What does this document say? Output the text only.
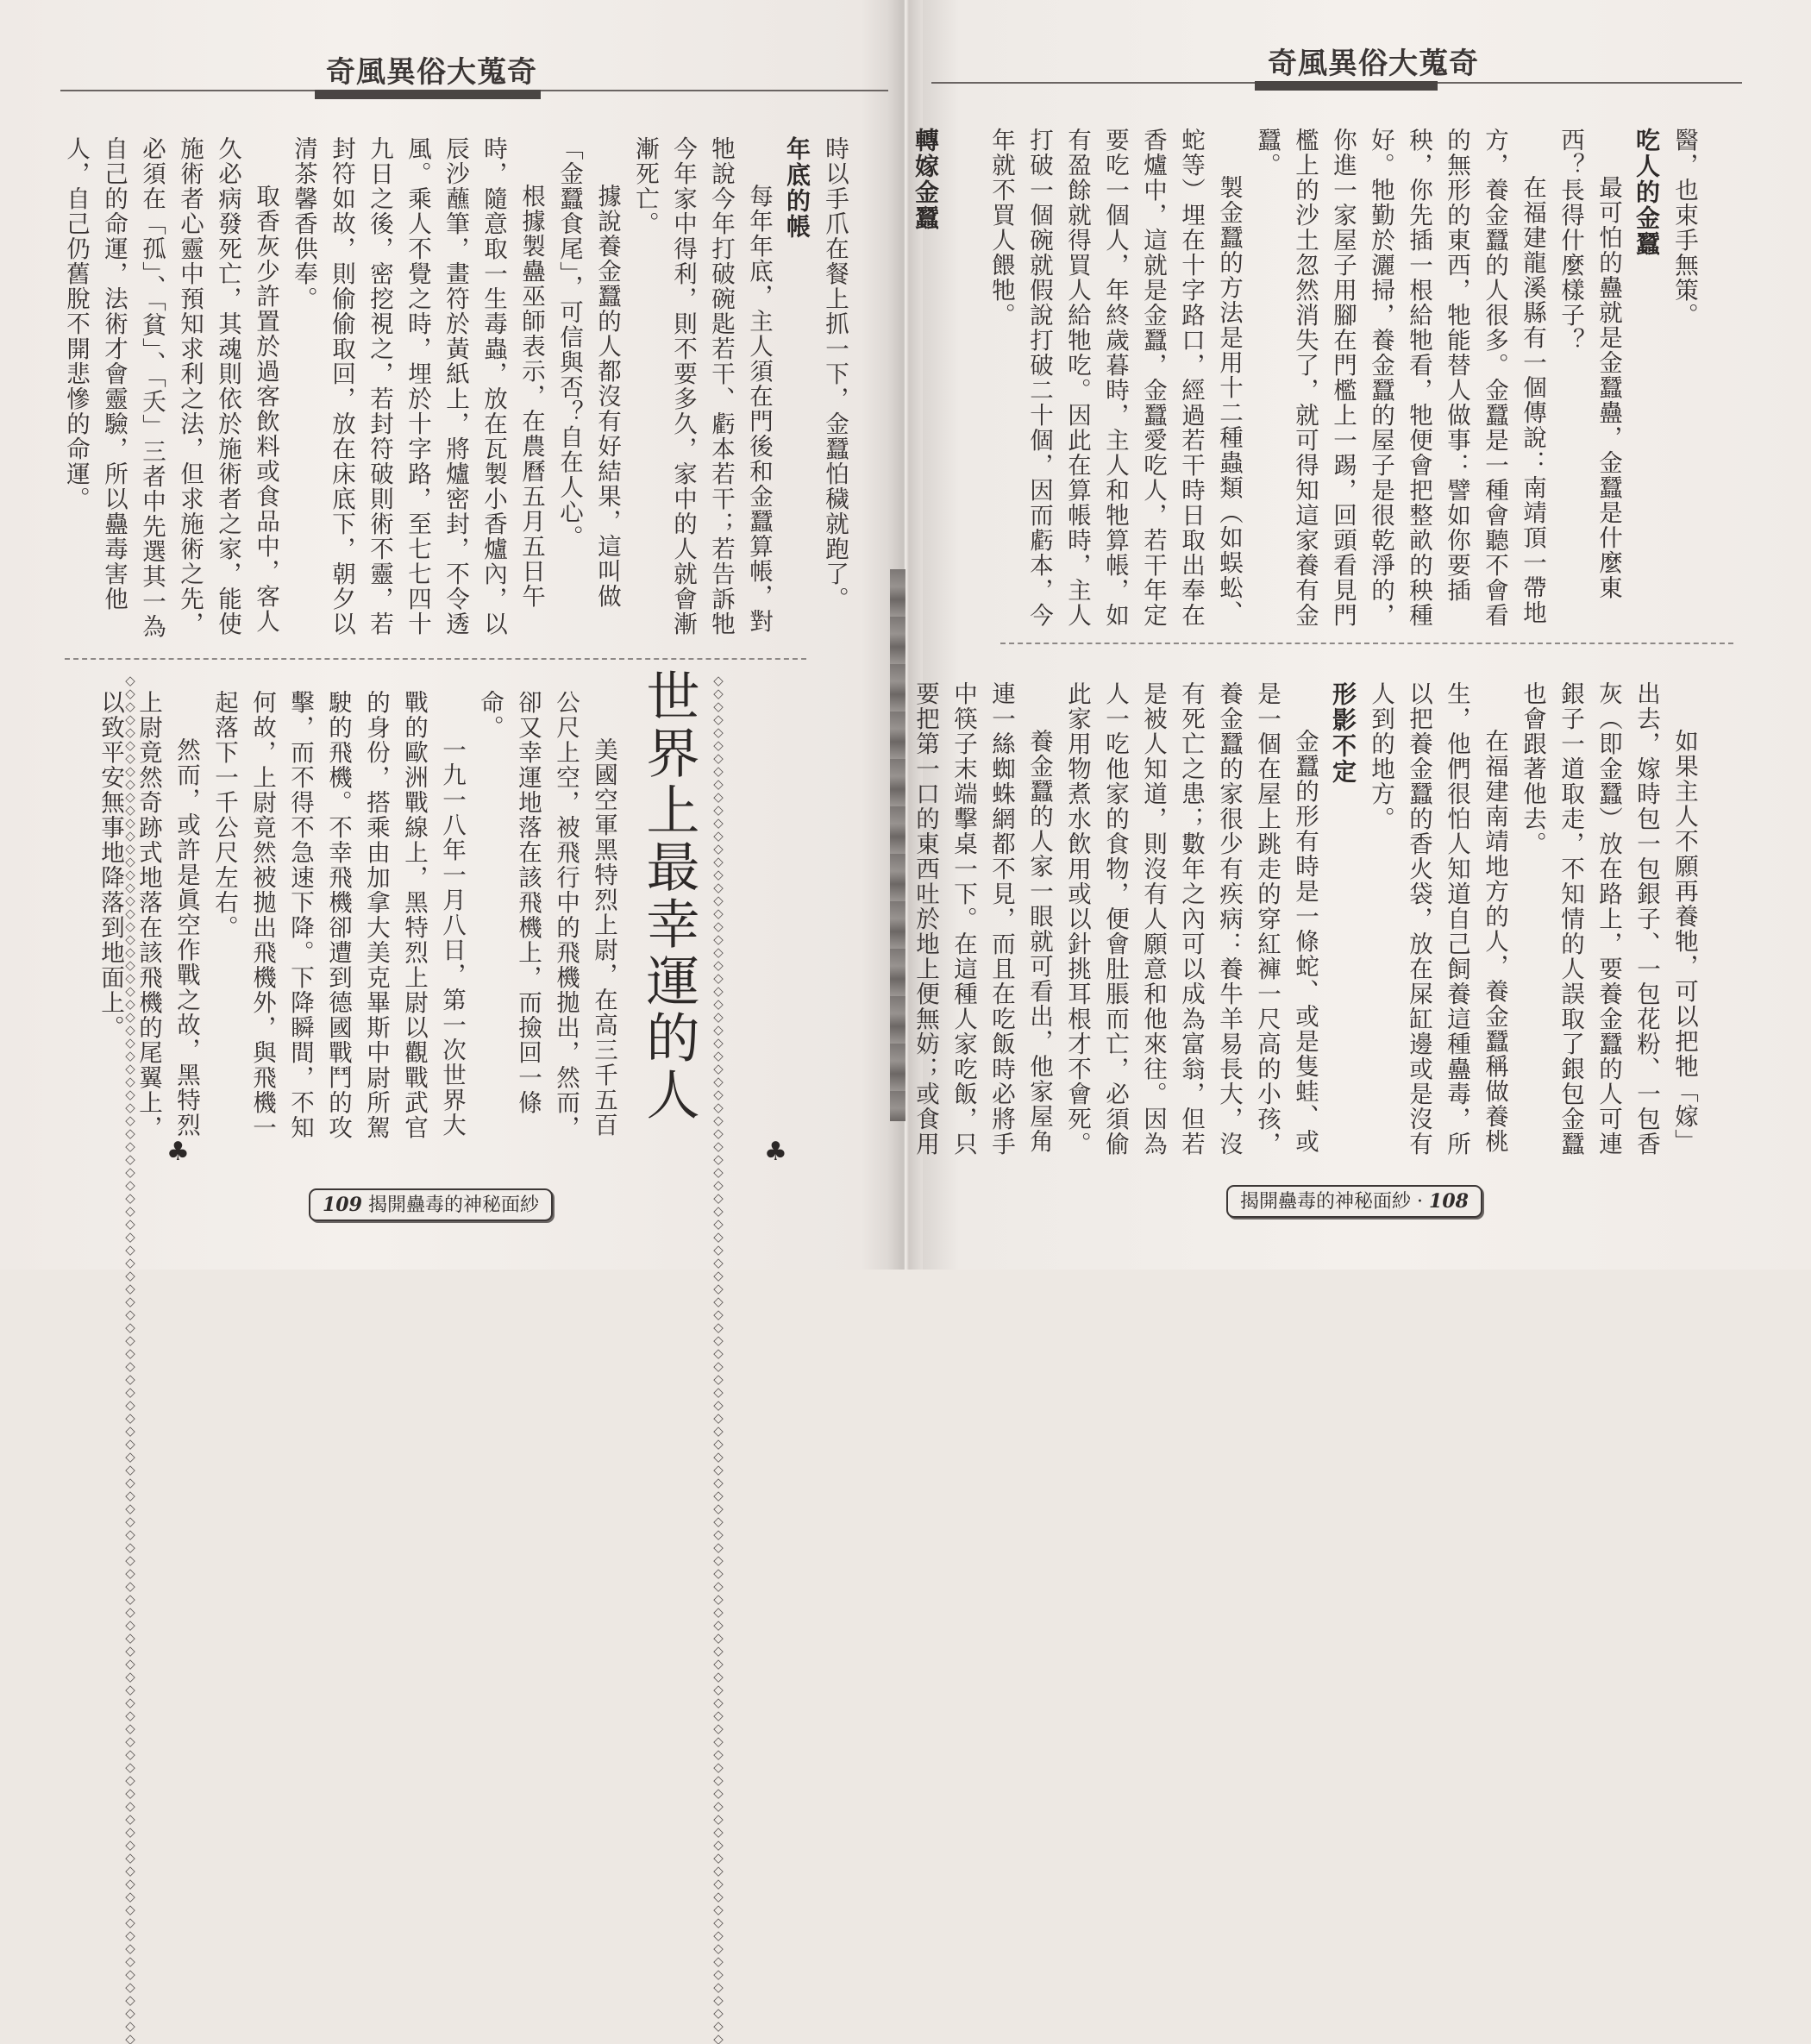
奇風異俗大蒐奇	奇風異俗大蒐奇

醫，也束手無策。

吃人的金蠶

最可怕的蠱就是金蠶蠱，金蠶是什麼東西？長得什麼樣子？

在福建龍溪縣有一個傳說：南靖頂一帶地方，養金蠶的人很多。金蠶是一種會聽不會看的無形的東西，牠能替人做事：譬如你要插秧，你先插一根給牠看，牠便會把整畝的秧種好。牠勤於灑掃，養金蠶的屋子是很乾淨的，你進一家屋子用腳在門檻上一踢，回頭看見門檻上的沙土忽然消失了，就可得知這家養有金蠶。

製金蠶的方法是用十二種蟲類（如蜈蚣、蛇等）埋在十字路口，經過若干時日取出奉在香爐中，這就是金蠶，金蠶愛吃人，若干年定要吃一個人，年終歲暮時，主人和牠算帳，如有盈餘就得買人給牠吃。因此在算帳時，主人打破一個碗就假說打破二十個，因而虧本，今年就不買人餵牠。

轉嫁金蠶

如果主人不願再養牠，可以把牠「嫁」出去，嫁時包一包銀子、一包花粉、一包香灰（即金蠶）放在路上，要養金蠶的人可連銀子一道取走，不知情的人誤取了銀包金蠶也會跟著他去。

在福建南靖地方的人，養金蠶稱做養桃生，他們很怕人知道自己飼養這種蠱毒，所以把養金蠶的香火袋，放在屎缸邊或是沒有人到的地方。

形影不定

金蠶的形有時是一條蛇、或是隻蛙、或是一個在屋上跳走的穿紅褲一尺高的小孩，養金蠶的家很少有疾病：養牛羊易長大，沒有死亡之患；數年之內可以成為富翁，但若是被人知道，則沒有人願意和他來往。因為人一吃他家的食物，便會肚脹而亡，必須偷此家用物煮水飲用或以針挑耳根才不會死。

養金蠶的人家一眼就可看出，他家屋角連一絲蜘蛛網都不見，而且在吃飯時必將手中筷子末端擊桌一下。在這種人家吃飯，只要把第一口的東西吐於地上便無妨；或食用

時以手爪在餐上抓一下，金蠶怕穢就跑了。

年底的帳

每年年底，主人須在門後和金蠶算帳，對牠說今年打破碗匙若干、虧本若干；若告訴牠今年家中得利，則不要多久，家中的人就會漸漸死亡。

據說養金蠶的人都沒有好結果，這叫做「金蠶食尾」，可信與否？自在人心。

根據製蠱巫師表示，在農曆五月五日午時，隨意取一生毒蟲，放在瓦製小香爐內，以辰沙蘸筆，畫符於黃紙上，將爐密封，不令透風。乘人不覺之時，埋於十字路，至七七四十九日之後，密挖視之，若封符破則術不靈，若封符如故，則偷偷取回，放在床底下，朝夕以清茶馨香供奉。

取香灰少許置於過客飲料或食品中，客人久必病發死亡，其魂則依於施術者之家，能使施術者心靈中預知求利之法，但求施術之先，必須在「孤」、「貧」、「夭」三者中先選其一為自己的命運，法術才會靈驗，所以蠱毒害他人，自己仍舊脫不開悲慘的命運。

◇◇◇◇◇◇◇◇◇◇◇◇◇◇◇◇◇◇◇◇◇◇◇◇◇◇◇◇◇◇◇◇◇◇◇◇◇◇◇◇◇◇◇◇◇◇◇◇◇◇◇◇◇◇◇◇◇◇◇◇◇◇◇◇◇◇◇◇◇◇◇◇◇◇◇◇◇◇◇◇◇◇◇◇◇◇◇◇◇◇◇◇◇◇◇◇◇◇◇◇◇◇◇◇◇◇
◇◇◇◇◇◇◇◇◇◇◇◇◇◇◇◇◇◇◇◇◇◇◇◇◇◇◇◇◇◇◇◇◇◇◇◇◇◇◇◇◇◇◇◇◇◇◇◇◇◇◇◇◇◇◇◇◇◇◇◇◇◇◇◇◇◇◇◇◇◇◇◇◇◇◇◇◇◇◇◇◇◇◇◇◇◇◇◇◇◇◇◇◇◇◇◇◇◇◇◇◇◇◇◇◇◇	♣
♣
世界上最幸運的人

美國空軍黑特烈上尉，在高三千五百公尺上空，被飛行中的飛機拋出，然而，卻又幸運地落在該飛機上，而撿回一條命。

一九一八年一月八日，第一次世界大戰的歐洲戰線上，黑特烈上尉以觀戰武官的身份，搭乘由加拿大美克畢斯中尉所駕駛的飛機。不幸飛機卻遭到德國戰鬥的攻擊，而不得不急速下降。下降瞬間，不知何故，上尉竟然被拋出飛機外，與飛機一起落下一千公尺左右。

然而，或許是眞空作戰之故，黑特烈上尉竟然奇跡式地落在該飛機的尾翼上，以致平安無事地降落到地面上。

109 揭開蠱毒的神秘面紗	揭開蠱毒的神秘面紗 · 108
